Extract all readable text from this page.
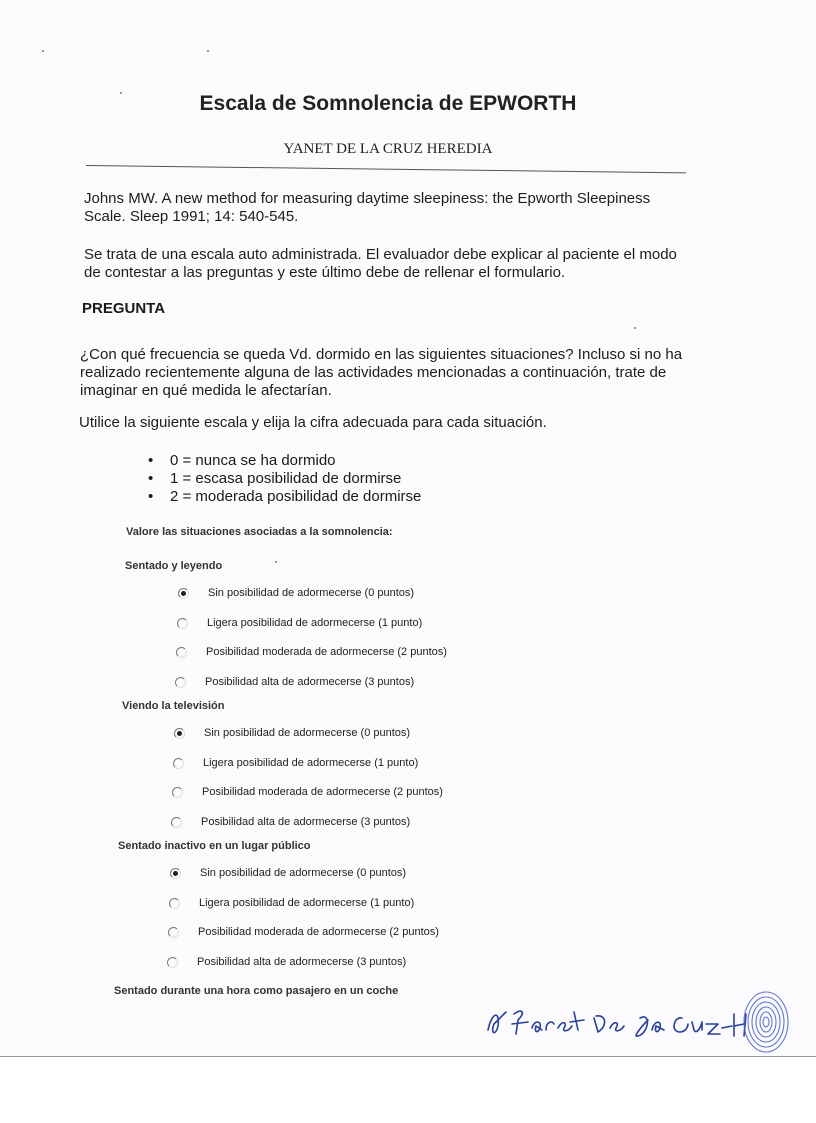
Escala de Somnolencia de EPWORTH
YANET DE LA CRUZ HEREDIA
Johns MW. A new method for measuring daytime sleepiness: the Epworth Sleepiness Scale. Sleep 1991; 14: 540-545.
Se trata de una escala auto administrada. El evaluador debe explicar al paciente el modo de contestar a las preguntas y este último debe de rellenar el formulario.
PREGUNTA
¿Con qué frecuencia se queda Vd. dormido en las siguientes situaciones? Incluso si no ha realizado recientemente alguna de las actividades mencionadas a continuación, trate de imaginar en qué medida le afectarían.
Utilice la siguiente escala y elija la cifra adecuada para cada situación.
• 0 = nunca se ha dormido
• 1 = escasa posibilidad de dormirse
• 2 = moderada posibilidad de dormirse
Valore las situaciones asociadas a la somnolencia:
Sentado y leyendo
Sin posibilidad de adormecerse (0 puntos)
Ligera posibilidad de adormecerse (1 punto)
Posibilidad moderada de adormecerse (2 puntos)
Posibilidad alta de adormecerse (3 puntos)
Viendo la televisión
Sin posibilidad de adormecerse (0 puntos)
Ligera posibilidad de adormecerse (1 punto)
Posibilidad moderada de adormecerse (2 puntos)
Posibilidad alta de adormecerse (3 puntos)
Sentado inactivo en un lugar público
Sin posibilidad de adormecerse (0 puntos)
Ligera posibilidad de adormecerse (1 punto)
Posibilidad moderada de adormecerse (2 puntos)
Posibilidad alta de adormecerse (3 puntos)
Sentado durante una hora como pasajero en un coche
